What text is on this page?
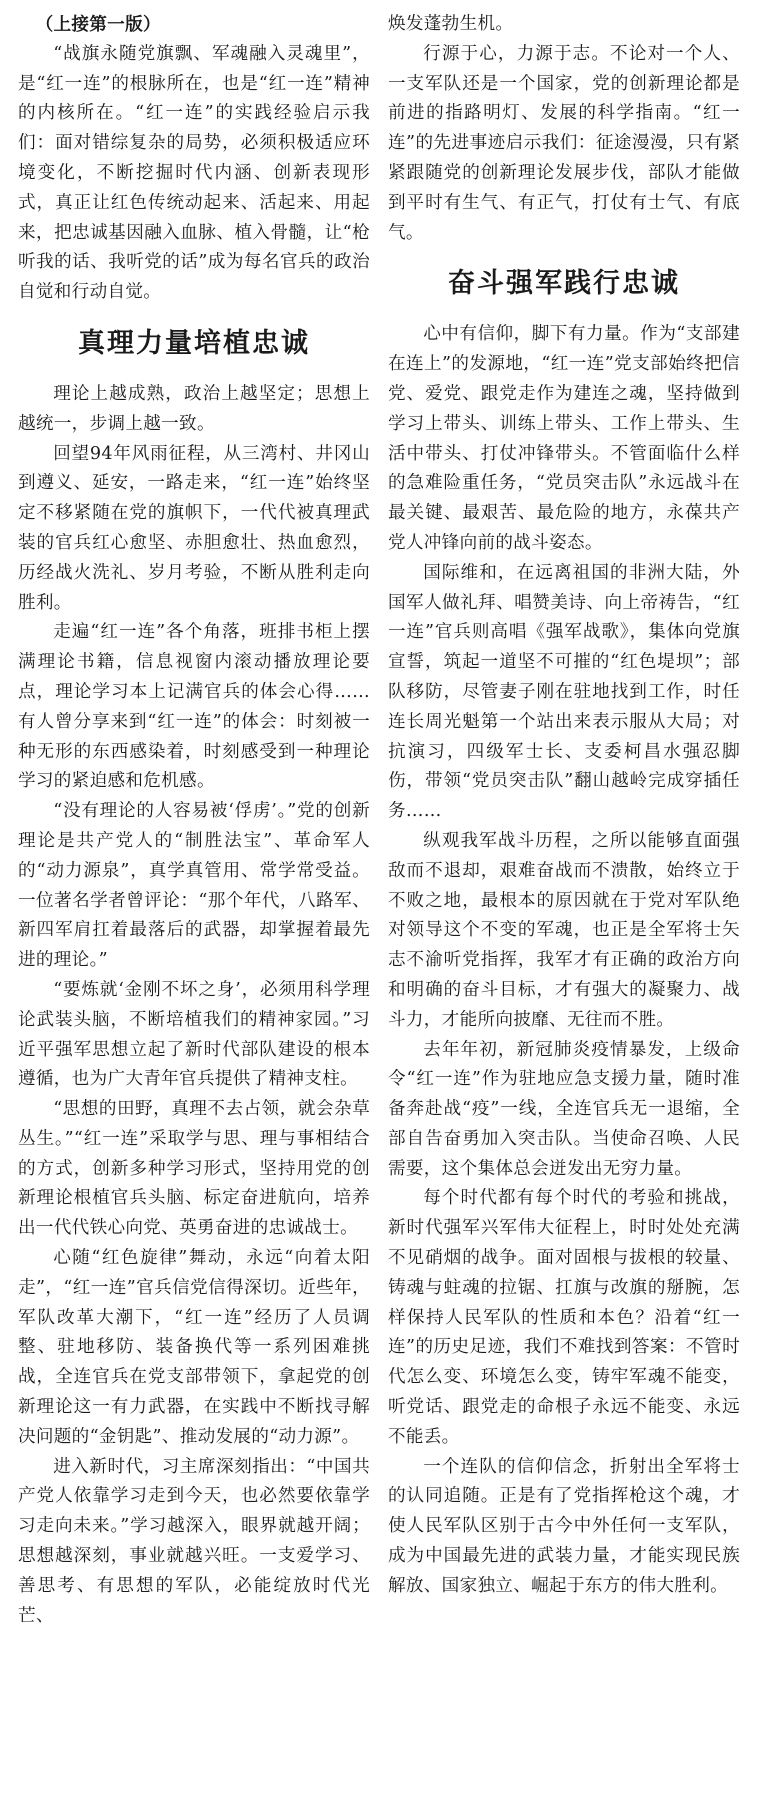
（上接第一版）

“战旗永随党旗飘、军魂融入灵魂里”，是“红一连”的根脉所在，也是“红一连”精神的内核所在。“红一连”的实践经验启示我们：面对错综复杂的局势，必须积极适应环境变化，不断挖掘时代内涵、创新表现形式，真正让红色传统动起来、活起来、用起来，把忠诚基因融入血脉、植入骨髓，让“枪听我的话、我听党的话”成为每名官兵的政治自觉和行动自觉。

真理力量培植忠诚

理论上越成熟，政治上越坚定；思想上越统一，步调上越一致。

回望94年风雨征程，从三湾村、井冈山到遵义、延安，一路走来，“红一连”始终坚定不移紧随在党的旗帜下，一代代被真理武装的官兵红心愈坚、赤胆愈壮、热血愈烈，历经战火洗礼、岁月考验，不断从胜利走向胜利。

走遍“红一连”各个角落，班排书柜上摆满理论书籍，信息视窗内滚动播放理论要点，理论学习本上记满官兵的体会心得……有人曾分享来到“红一连”的体会：时刻被一种无形的东西感染着，时刻感受到一种理论学习的紧迫感和危机感。

“没有理论的人容易被‘俘虏’。”党的创新理论是共产党人的“制胜法宝”、革命军人的“动力源泉”，真学真管用、常学常受益。一位著名学者曾评论：“那个年代，八路军、新四军肩扛着最落后的武器，却掌握着最先进的理论。”

“要炼就‘金刚不坏之身’，必须用科学理论武装头脑，不断培植我们的精神家园。”习近平强军思想立起了新时代部队建设的根本遵循，也为广大青年官兵提供了精神支柱。

“思想的田野，真理不去占领，就会杂草丛生。”“红一连”采取学与思、理与事相结合的方式，创新多种学习形式，坚持用党的创新理论根植官兵头脑、标定奋进航向，培养出一代代铁心向党、英勇奋进的忠诚战士。

心随“红色旋律”舞动，永远“向着太阳走”，“红一连”官兵信党信得深切。近些年，军队改革大潮下，“红一连”经历了人员调整、驻地移防、装备换代等一系列困难挑战，全连官兵在党支部带领下，拿起党的创新理论这一有力武器，在实践中不断找寻解决问题的“金钥匙”、推动发展的“动力源”。

进入新时代，习主席深刻指出：“中国共产党人依靠学习走到今天，也必然要依靠学习走向未来。”学习越深入，眼界就越开阔；思想越深刻，事业就越兴旺。一支爱学习、善思考、有思想的军队，必能绽放时代光芒、

焕发蓬勃生机。

行源于心，力源于志。不论对一个人、一支军队还是一个国家，党的创新理论都是前进的指路明灯、发展的科学指南。“红一连”的先进事迹启示我们：征途漫漫，只有紧紧跟随党的创新理论发展步伐，部队才能做到平时有生气、有正气，打仗有士气、有底气。

奋斗强军践行忠诚

心中有信仰，脚下有力量。作为“支部建在连上”的发源地，“红一连”党支部始终把信党、爱党、跟党走作为建连之魂，坚持做到学习上带头、训练上带头、工作上带头、生活中带头、打仗冲锋带头。不管面临什么样的急难险重任务，“党员突击队”永远战斗在最关键、最艰苦、最危险的地方，永葆共产党人冲锋向前的战斗姿态。

国际维和，在远离祖国的非洲大陆，外国军人做礼拜、唱赞美诗、向上帝祷告，“红一连”官兵则高唱《强军战歌》，集体向党旗宣誓，筑起一道坚不可摧的“红色堤坝”；部队移防，尽管妻子刚在驻地找到工作，时任连长周光魁第一个站出来表示服从大局；对抗演习，四级军士长、支委柯昌水强忍脚伤，带领“党员突击队”翻山越岭完成穿插任务……

纵观我军战斗历程，之所以能够直面强敌而不退却，艰难奋战而不溃散，始终立于不败之地，最根本的原因就在于党对军队绝对领导这个不变的军魂，也正是全军将士矢志不渝听党指挥，我军才有正确的政治方向和明确的奋斗目标，才有强大的凝聚力、战斗力，才能所向披靡、无往而不胜。

去年年初，新冠肺炎疫情暴发，上级命令“红一连”作为驻地应急支援力量，随时准备奔赴战“疫”一线，全连官兵无一退缩，全部自告奋勇加入突击队。当使命召唤、人民需要，这个集体总会迸发出无穷力量。

每个时代都有每个时代的考验和挑战，新时代强军兴军伟大征程上，时时处处充满不见硝烟的战争。面对固根与拔根的较量、铸魂与蛀魂的拉锯、扛旗与改旗的掰腕，怎样保持人民军队的性质和本色？沿着“红一连”的历史足迹，我们不难找到答案：不管时代怎么变、环境怎么变，铸牢军魂不能变，听党话、跟党走的命根子永远不能变、永远不能丢。

一个连队的信仰信念，折射出全军将士的认同追随。正是有了党指挥枪这个魂，才使人民军队区别于古今中外任何一支军队，成为中国最先进的武装力量，才能实现民族解放、国家独立、崛起于东方的伟大胜利。
